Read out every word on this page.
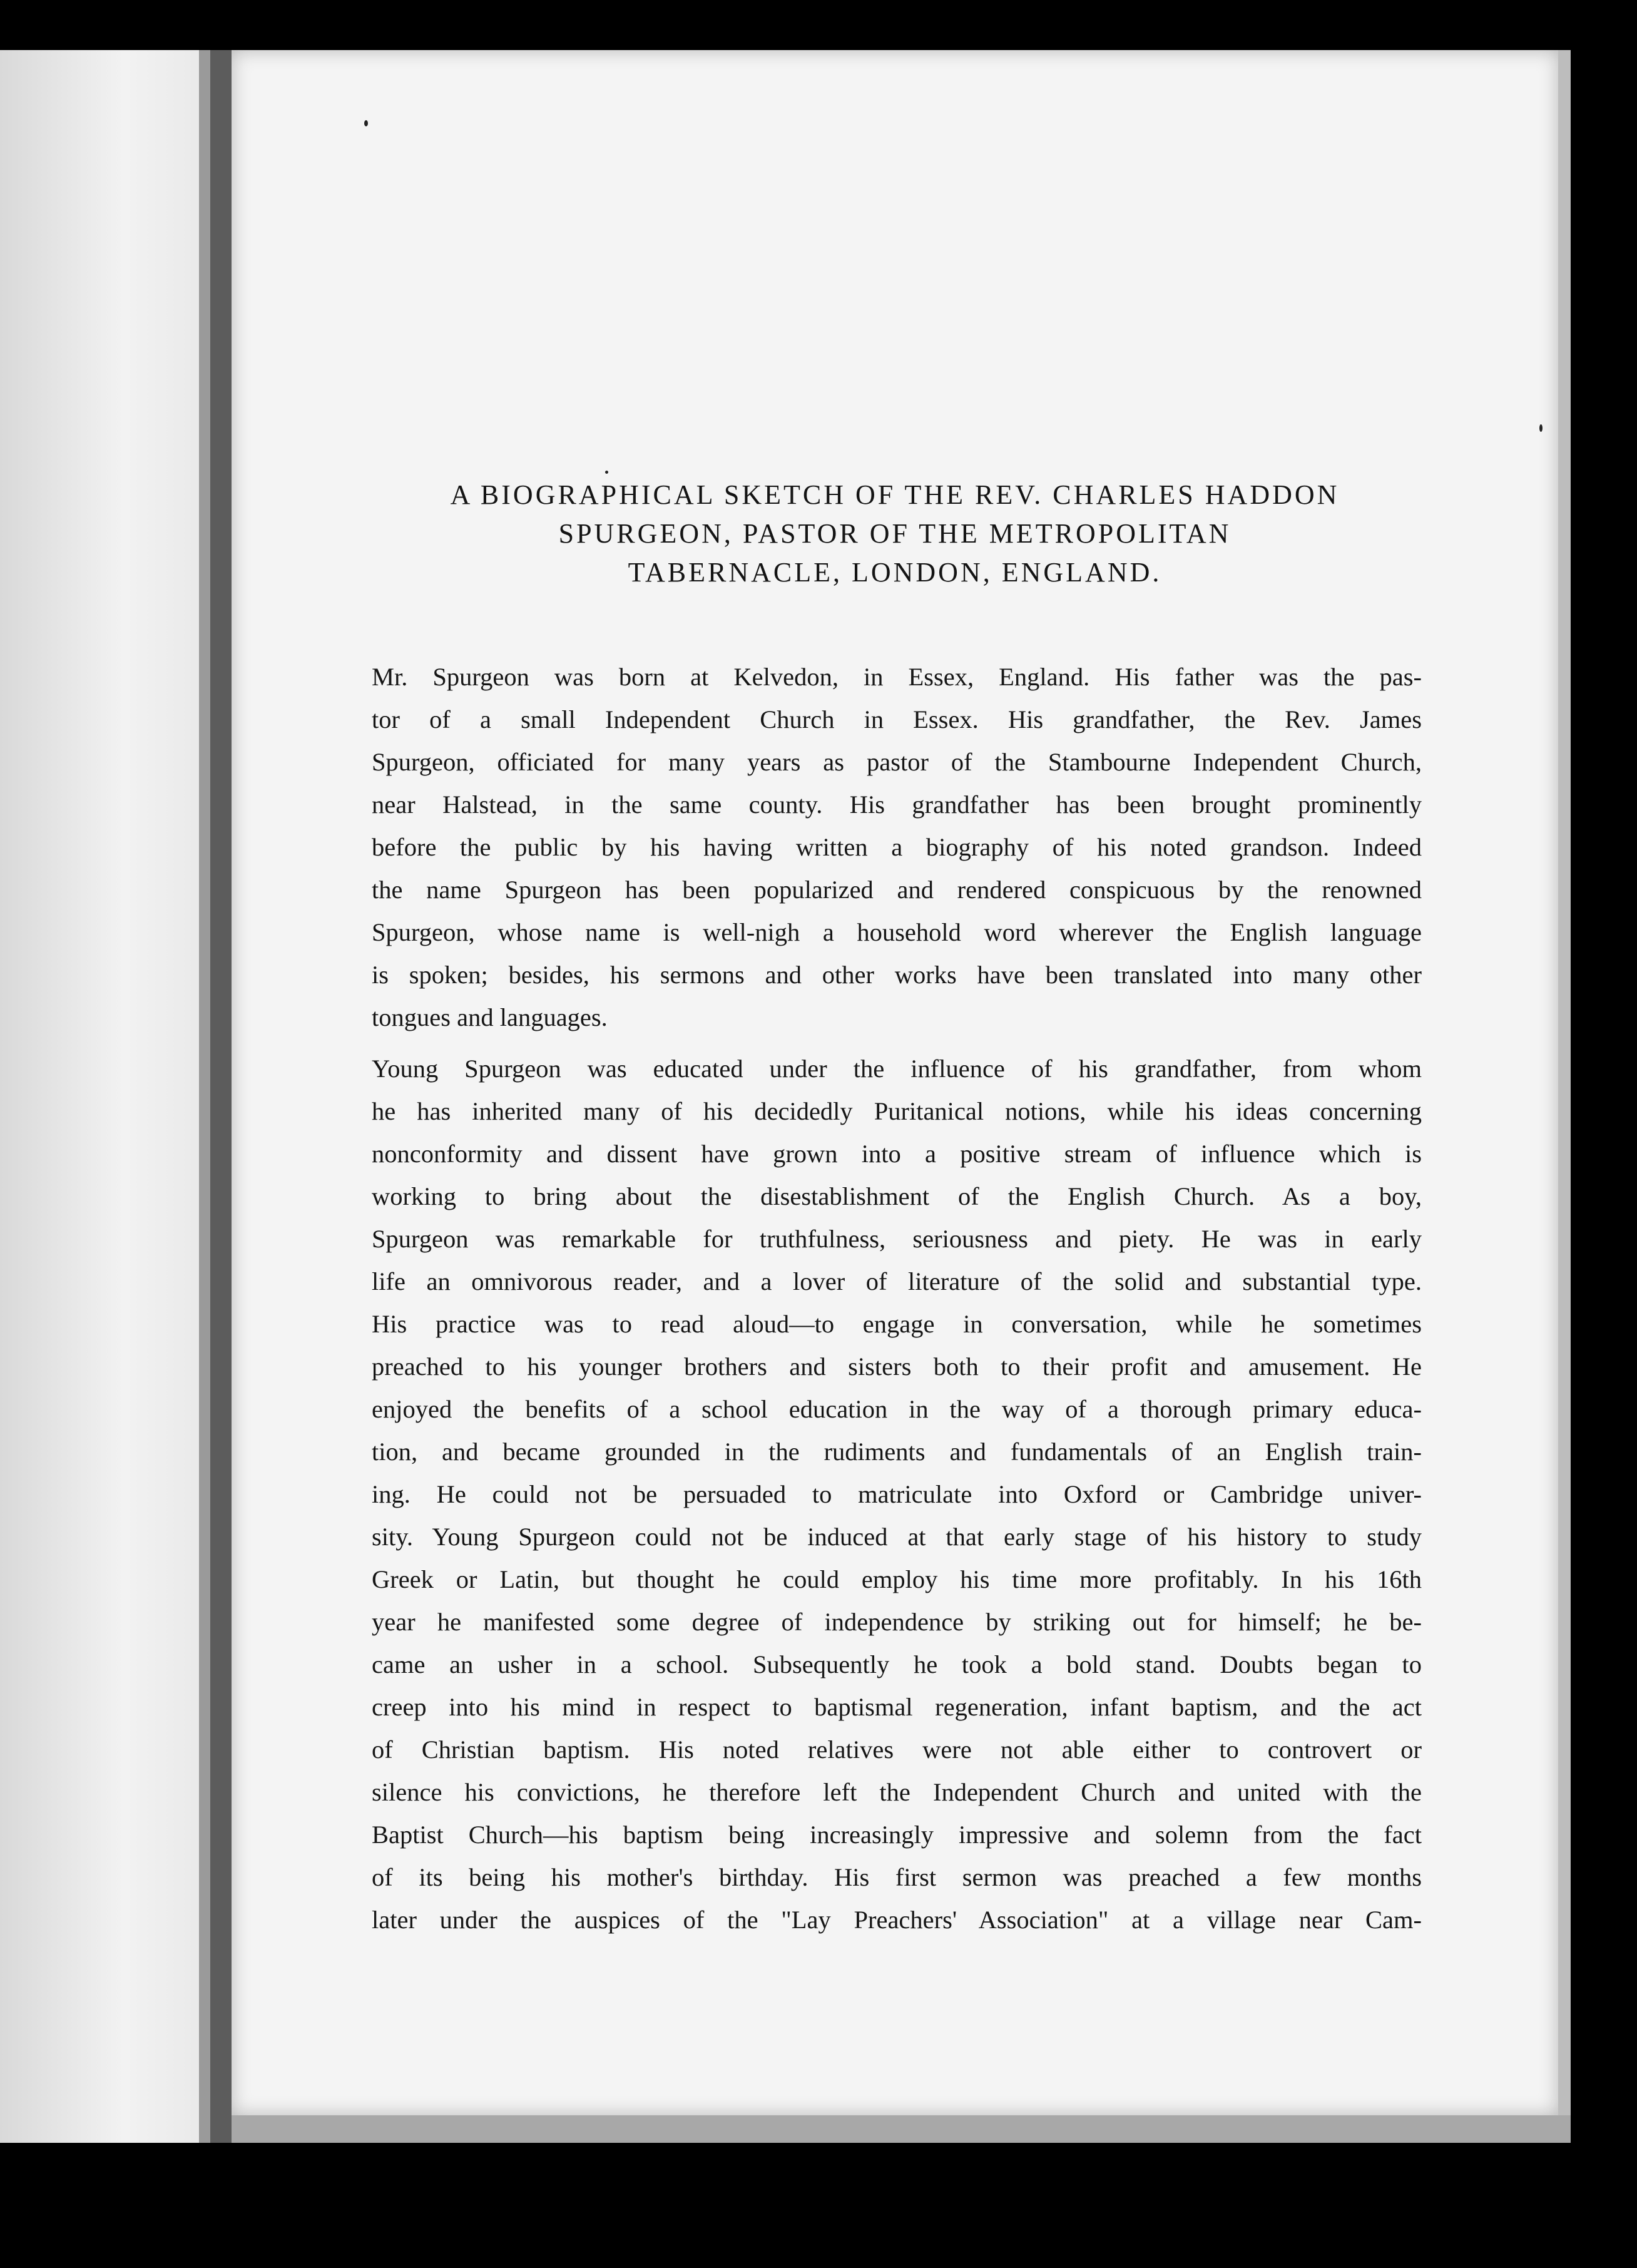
A BIOGRAPHICAL SKETCH OF THE REV. CHARLES HADDON
SPURGEON, PASTOR OF THE METROPOLITAN
TABERNACLE, LONDON, ENGLAND.
Mr. Spurgeon was born at Kelvedon, in Essex, England. His father was the pas-
tor of a small Independent Church in Essex. His grandfather, the Rev. James
Spurgeon, officiated for many years as pastor of the Stambourne Independent Church,
near Halstead, in the same county. His grandfather has been brought prominently
before the public by his having written a biography of his noted grandson. Indeed
the name Spurgeon has been popularized and rendered conspicuous by the renowned
Spurgeon, whose name is well-nigh a household word wherever the English language
is spoken; besides, his sermons and other works have been translated into many other
tongues and languages.
Young Spurgeon was educated under the influence of his grandfather, from whom
he has inherited many of his decidedly Puritanical notions, while his ideas concerning
nonconformity and dissent have grown into a positive stream of influence which is
working to bring about the disestablishment of the English Church. As a boy,
Spurgeon was remarkable for truthfulness, seriousness and piety. He was in early
life an omnivorous reader, and a lover of literature of the solid and substantial type.
His practice was to read aloud—to engage in conversation, while he sometimes
preached to his younger brothers and sisters both to their profit and amusement. He
enjoyed the benefits of a school education in the way of a thorough primary educa-
tion, and became grounded in the rudiments and fundamentals of an English train-
ing. He could not be persuaded to matriculate into Oxford or Cambridge univer-
sity. Young Spurgeon could not be induced at that early stage of his history to study
Greek or Latin, but thought he could employ his time more profitably. In his 16th
year he manifested some degree of independence by striking out for himself; he be-
came an usher in a school. Subsequently he took a bold stand. Doubts began to
creep into his mind in respect to baptismal regeneration, infant baptism, and the act
of Christian baptism. His noted relatives were not able either to controvert or
silence his convictions, he therefore left the Independent Church and united with the
Baptist Church—his baptism being increasingly impressive and solemn from the fact
of its being his mother's birthday. His first sermon was preached a few months
later under the auspices of the "Lay Preachers' Association" at a village near Cam-
